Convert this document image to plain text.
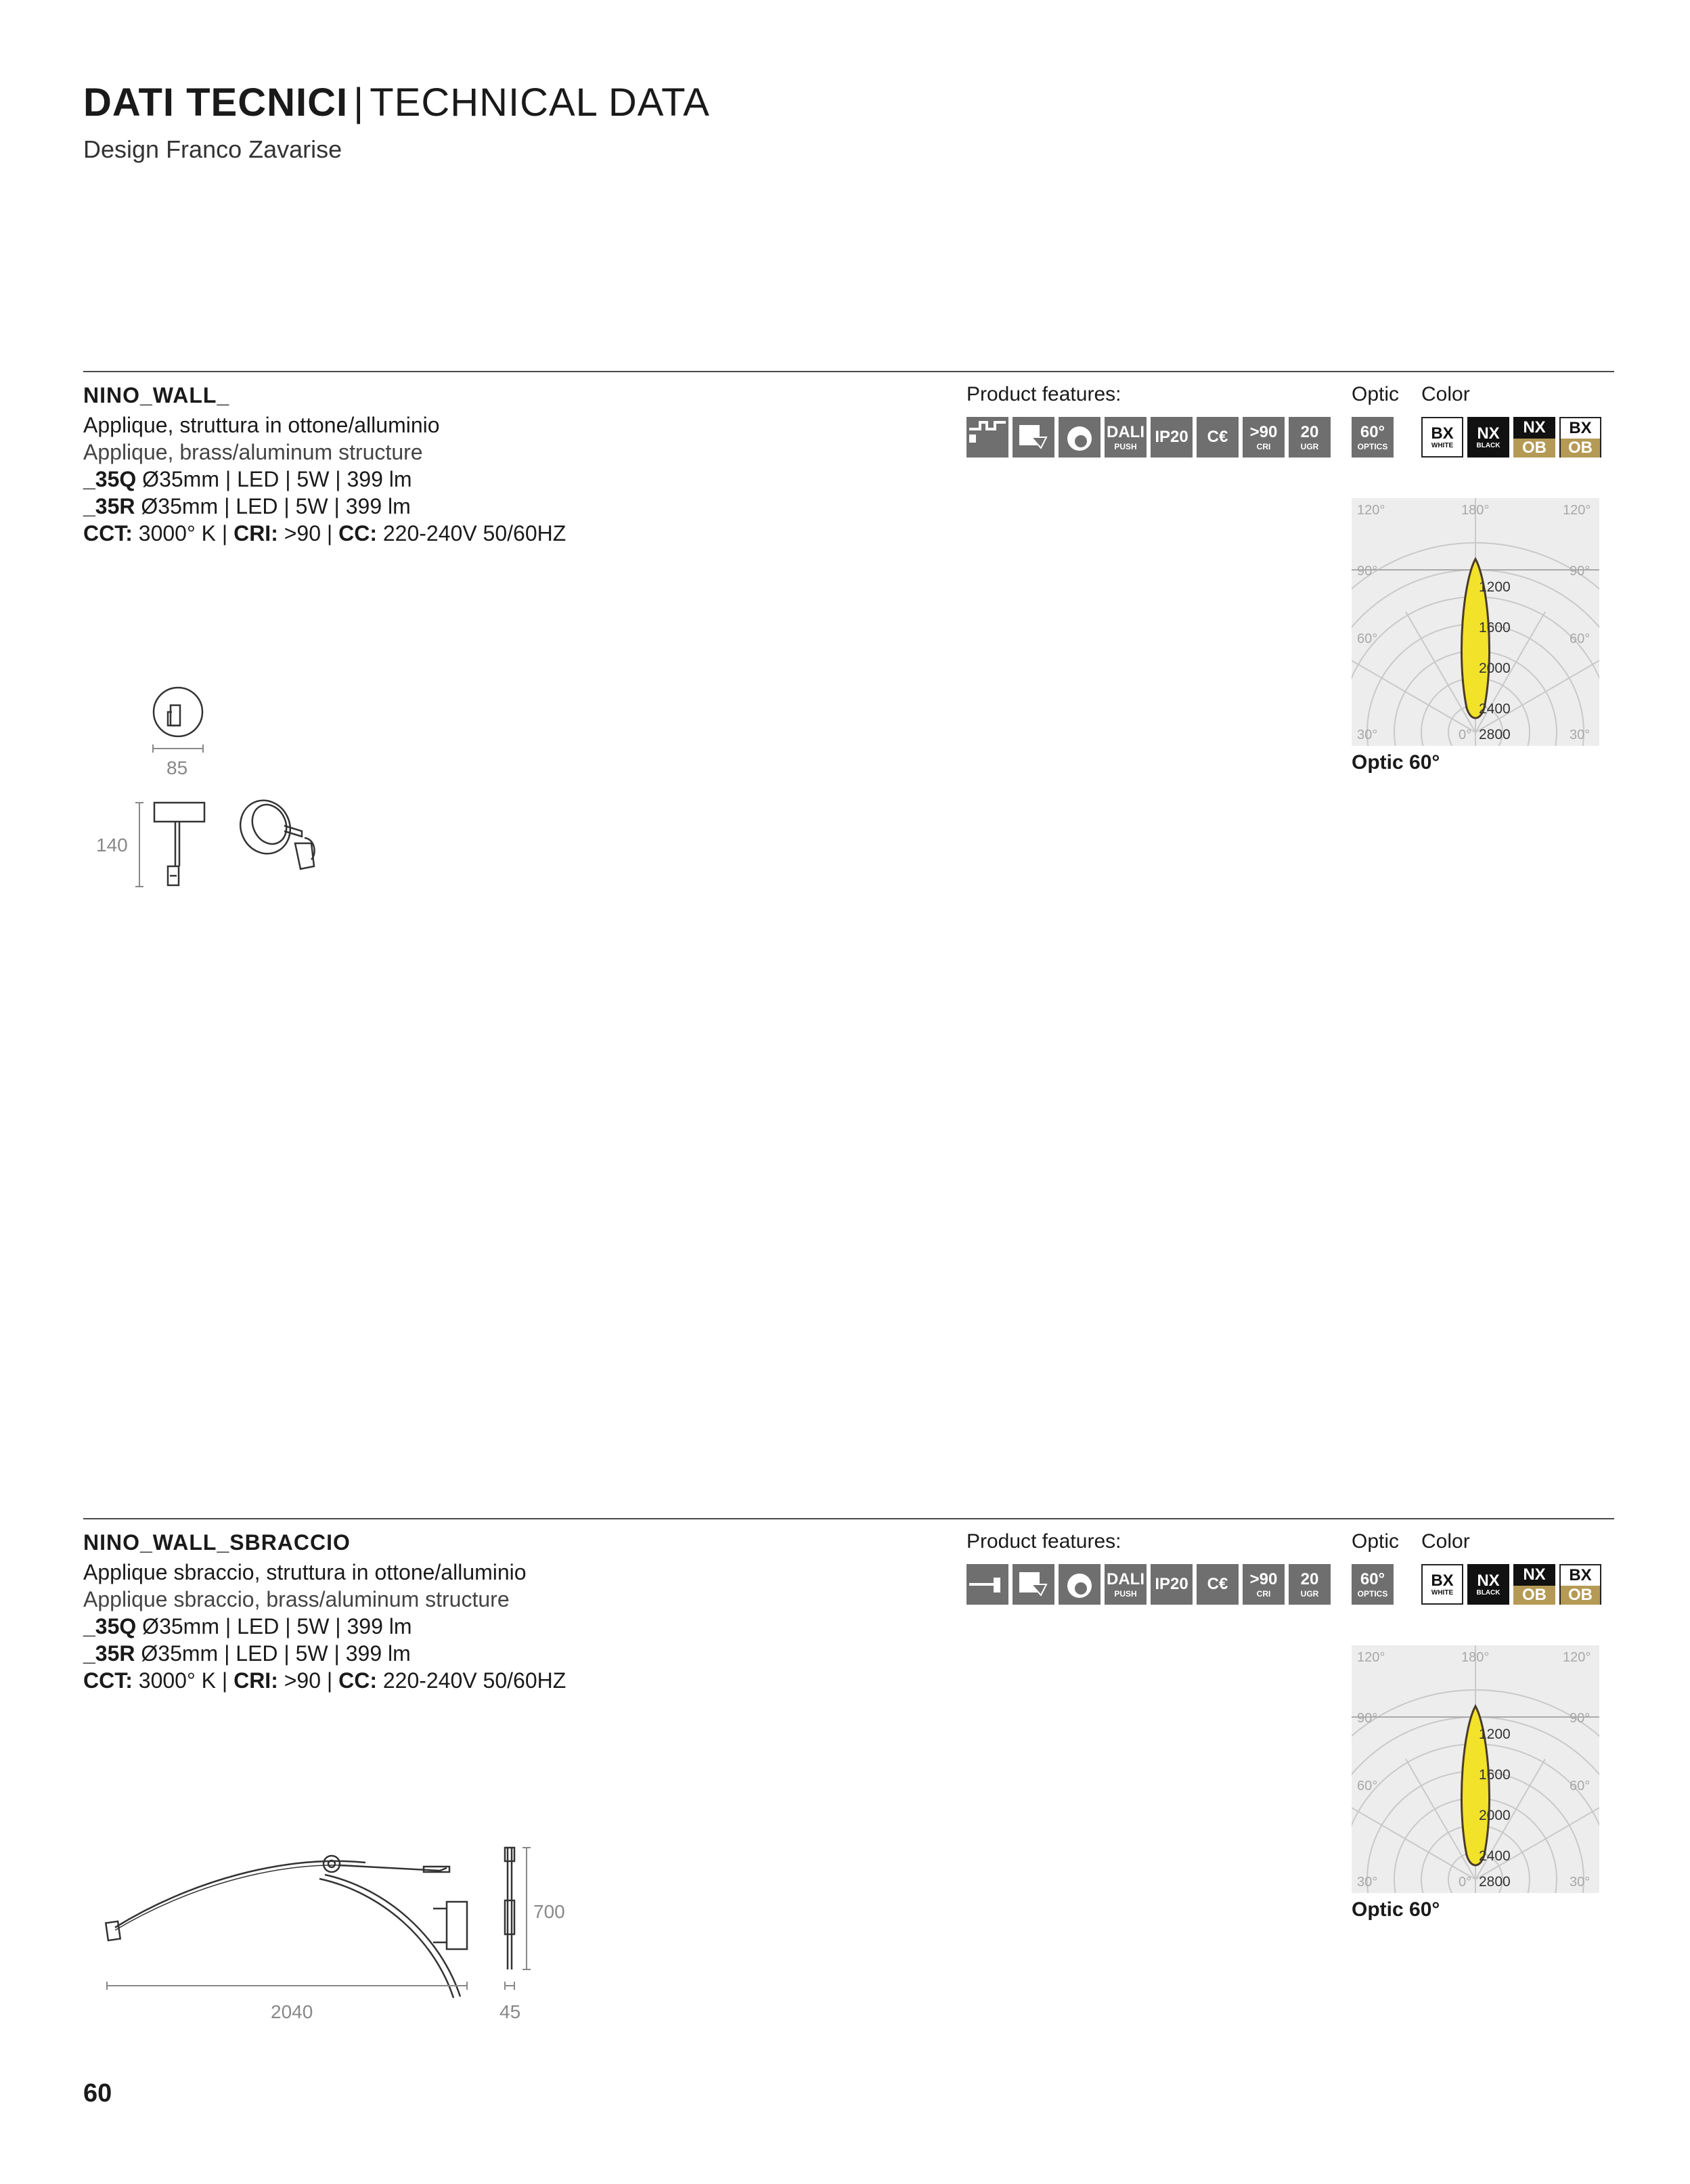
DATI TECNICI | TECHNICAL DATA
Design Franco Zavarise
NINO_WALL_
Applique, struttura in ottone/alluminio
Applique, brass/aluminum structure
_35Q Ø35mm | LED | 5W | 399 lm
_35R Ø35mm | LED | 5W | 399 lm
CCT: 3000° K | CRI: >90 | CC: 220-240V 50/60HZ
Product features:	Optic Color
DALI
PUSH
IP20 C€ >90
CRI
20
UGR
60°
OPTICS
BX
WHITE
NX
BLACK
NX
OB
BX
OB
120°	180°	120°
90°	90°
60°	60°
30°	0°	30°
1200
1600
2000
2400
2800
Optic 60°
85
140
NINO_WALL_SBRACCIO
Applique sbraccio, struttura in ottone/alluminio
Applique sbraccio, brass/aluminum structure
_35Q Ø35mm | LED | 5W | 399 lm
_35R Ø35mm | LED | 5W | 399 lm
CCT: 3000° K | CRI: >90 | CC: 220-240V 50/60HZ
Product features:	Optic Color
DALI
PUSH
IP20 C€ >90
CRI
20
UGR
60°
OPTICS
BX
WHITE
NX
BLACK
NX
OB
BX
OB
120°	180°	120°
90°	90°
60°	60°
30°	0°	30°
1200
1600
2000
2400
2800
Optic 60°
2040
700
45
60
